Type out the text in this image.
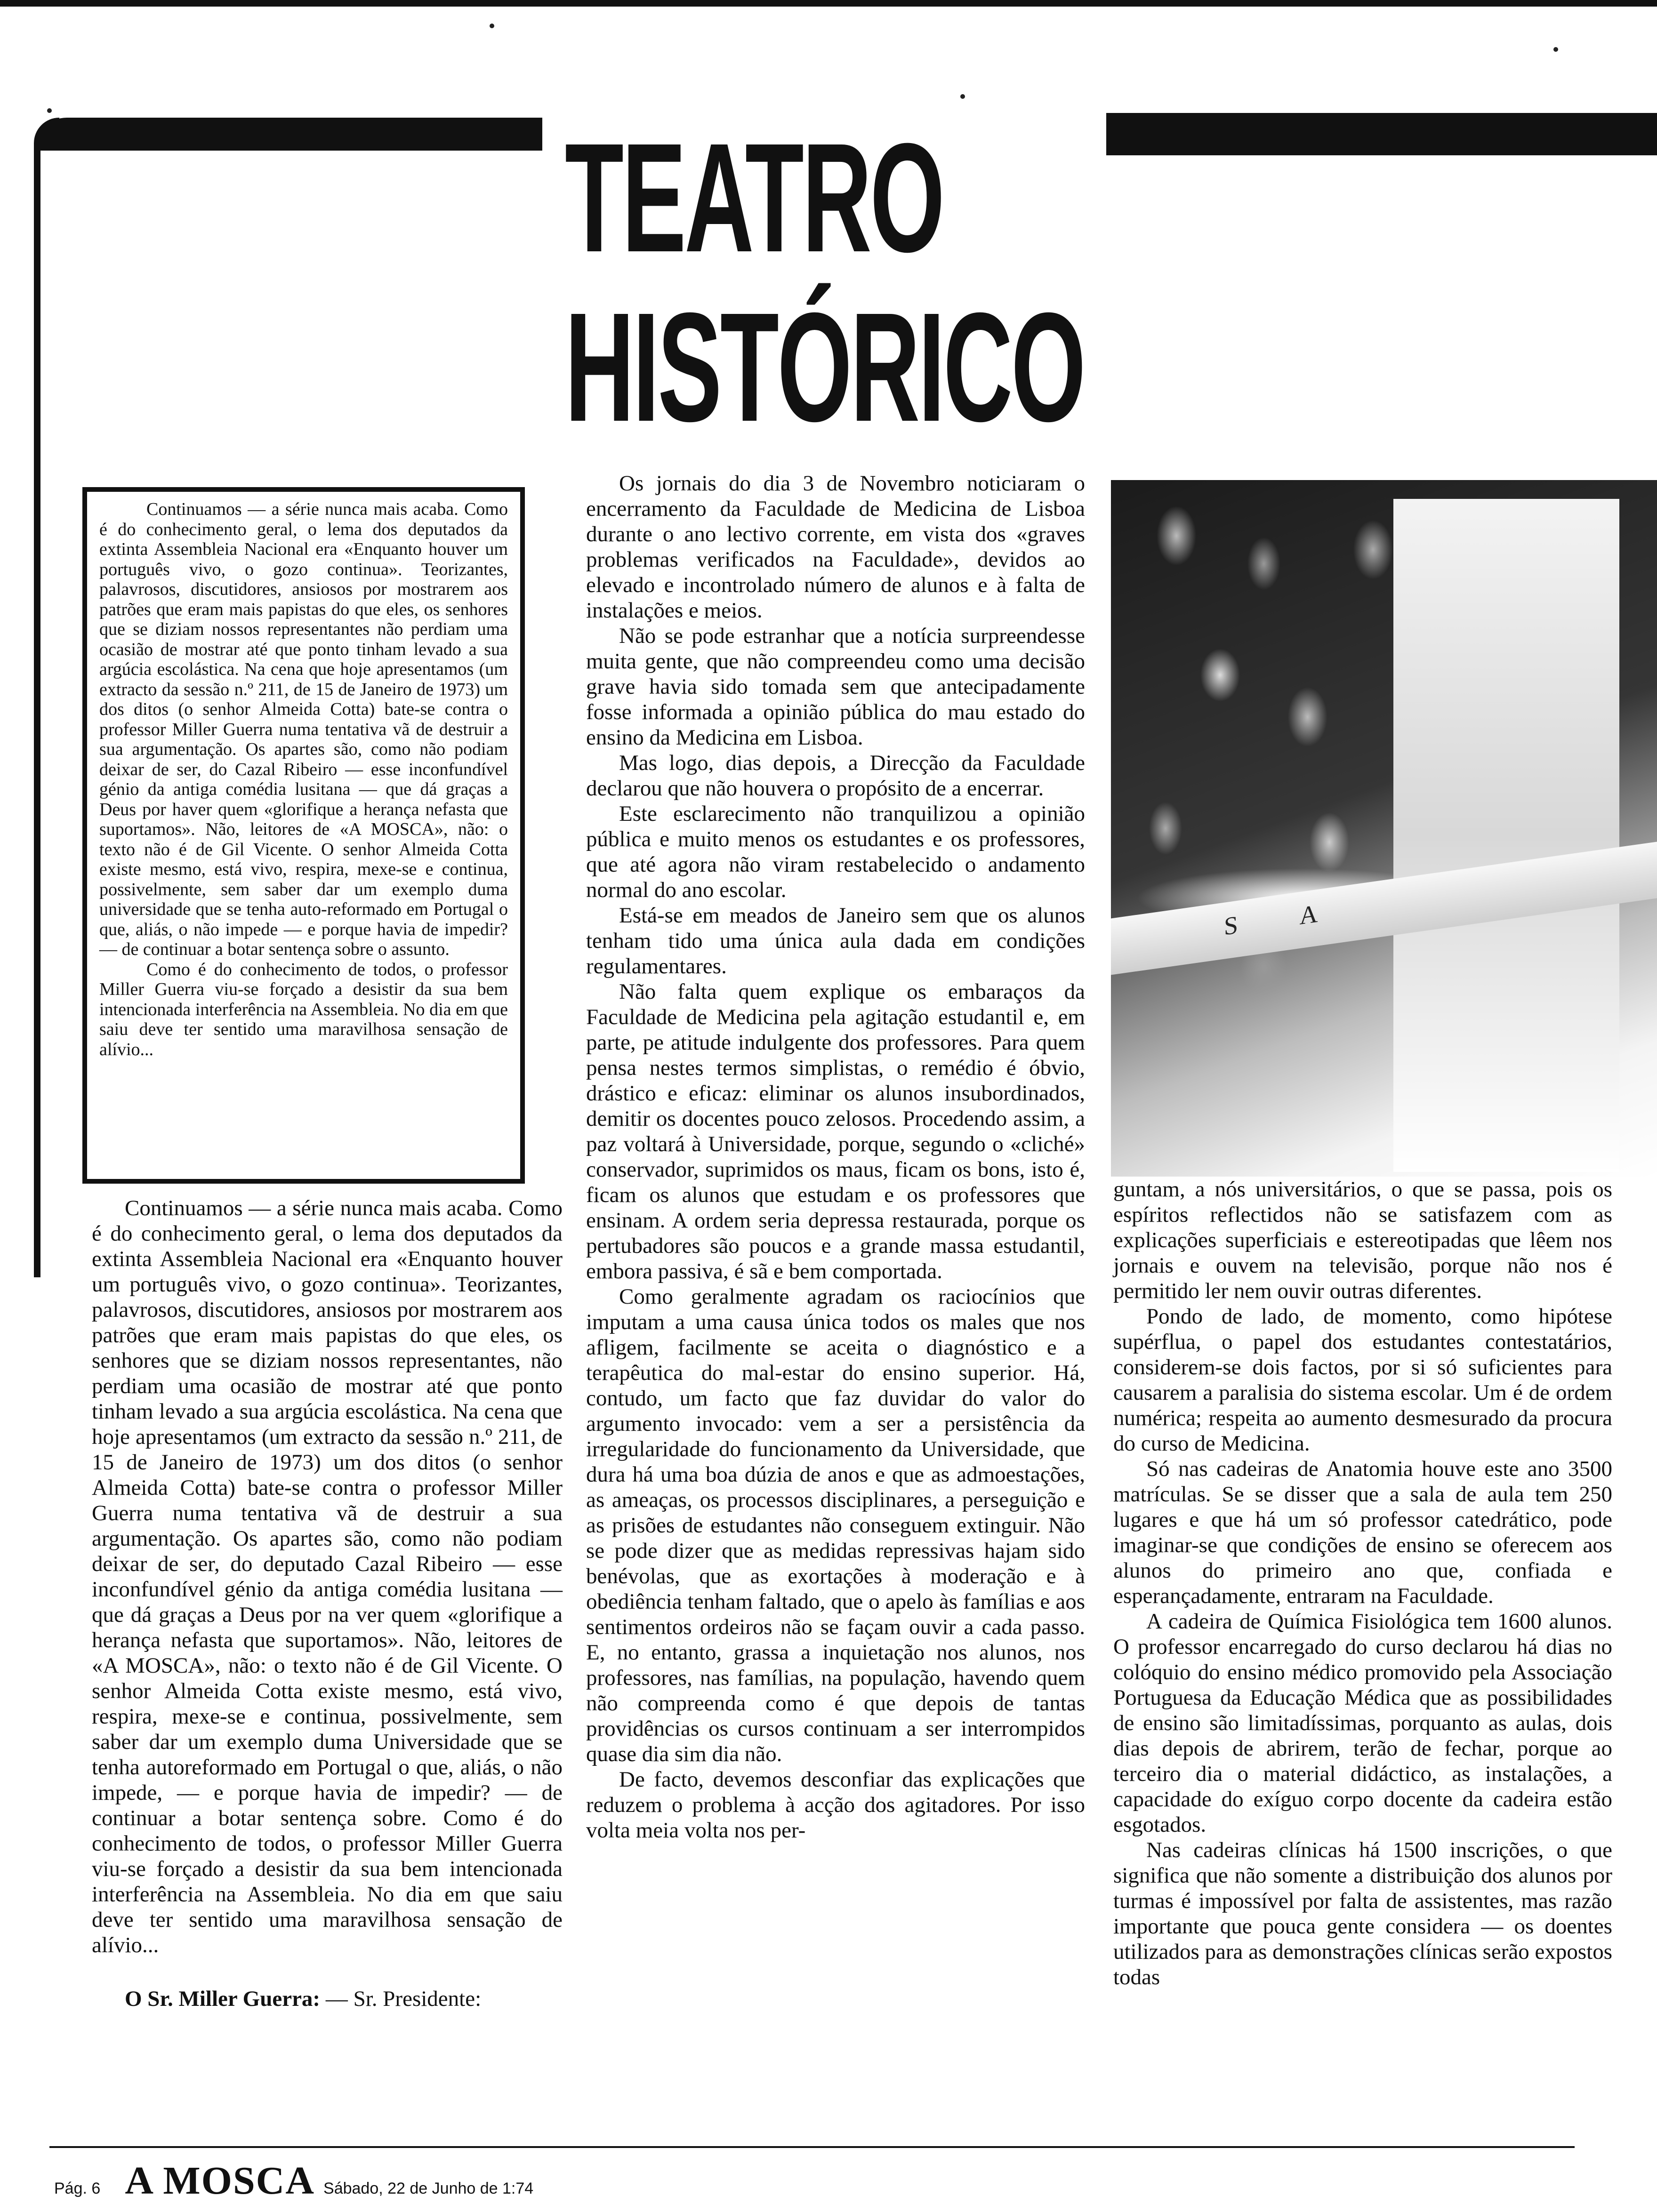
TEATRO
HISTÓRICO

Continuamos — a série nunca mais acaba. Como é do conhecimento geral, o lema dos deputados da extinta Assembleia Nacional era «Enquanto houver um português vivo, o gozo continua». Teorizantes, palavrosos, discutidores, ansiosos por mostrarem aos patrões que eram mais papistas do que eles, os senhores que se diziam nossos representantes não perdiam uma ocasião de mostrar até que ponto tinham levado a sua argúcia escolástica. Na cena que hoje apresentamos (um extracto da sessão n.º 211, de 15 de Janeiro de 1973) um dos ditos (o senhor Almeida Cotta) bate-se contra o professor Miller Guerra numa tentativa vã de destruir a sua argumentação. Os apartes são, como não podiam deixar de ser, do Cazal Ribeiro — esse inconfundível génio da antiga comédia lusitana — que dá graças a Deus por haver quem «glorifique a herança nefasta que suportamos». Não, leitores de «A MOSCA», não: o texto não é de Gil Vicente. O senhor Almeida Cotta existe mesmo, está vivo, respira, mexe-se e continua, possivelmente, sem saber dar um exemplo duma universidade que se tenha auto-reformado em Portugal o que, aliás, o não impede — e porque havia de impedir? — de continuar a botar sentença sobre o assunto.

Como é do conhecimento de todos, o professor Miller Guerra viu-se forçado a desistir da sua bem intencionada interferência na Assembleia. No dia em que saiu deve ter sentido uma maravilhosa sensação de alívio...

Continuamos — a série nunca mais acaba. Como é do conhecimento geral, o lema dos deputados da extinta Assembleia Nacional era «Enquanto houver um português vivo, o gozo continua». Teorizantes, palavrosos, discutidores, ansiosos por mostrarem aos patrões que eram mais papistas do que eles, os senhores que se diziam nossos representantes, não perdiam uma ocasião de mostrar até que ponto tinham levado a sua argúcia escolástica. Na cena que hoje apresentamos (um extracto da sessão n.º 211, de 15 de Janeiro de 1973) um dos ditos (o senhor Almeida Cotta) bate-se contra o professor Miller Guerra numa tentativa vã de destruir a sua argumentação. Os apartes são, como não podiam deixar de ser, do deputado Cazal Ribeiro — esse inconfundível génio da antiga comédia lusitana — que dá graças a Deus por na ver quem «glorifique a herança nefasta que suportamos». Não, leitores de «A MOSCA», não: o texto não é de Gil Vicente. O senhor Almeida Cotta existe mesmo, está vivo, respira, mexe-se e continua, possivelmente, sem saber dar um exemplo duma Universidade que se tenha autoreformado em Portugal o que, aliás, o não impede, — e porque havia de impedir? — de continuar a botar sentença sobre. Como é do conhecimento de todos, o professor Miller Guerra viu-se forçado a desistir da sua bem intencionada interferência na Assembleia. No dia em que saiu deve ter sentido uma maravilhosa sensação de alívio...

O Sr. Miller Guerra: — Sr. Presidente:

Os jornais do dia 3 de Novembro noticiaram o encerramento da Faculdade de Medicina de Lisboa durante o ano lectivo corrente, em vista dos «graves problemas verificados na Faculdade», devidos ao elevado e incontrolado número de alunos e à falta de instalações e meios.

Não se pode estranhar que a notícia surpreendesse muita gente, que não compreendeu como uma decisão grave havia sido tomada sem que antecipadamente fosse informada a opinião pública do mau estado do ensino da Medicina em Lisboa.

Mas logo, dias depois, a Direcção da Faculdade declarou que não houvera o propósito de a encerrar.

Este esclarecimento não tranquilizou a opinião pública e muito menos os estudantes e os professores, que até agora não viram restabelecido o andamento normal do ano escolar.

Está-se em meados de Janeiro sem que os alunos tenham tido uma única aula dada em condições regulamentares.

Não falta quem explique os embaraços da Faculdade de Medicina pela agitação estudantil e, em parte, pe atitude indulgente dos professores. Para quem pensa nestes termos simplistas, o remédio é óbvio, drástico e eficaz: eliminar os alunos insubordinados, demitir os docentes pouco zelosos. Procedendo assim, a paz voltará à Universidade, porque, segundo o «cliché» conservador, suprimidos os maus, ficam os bons, isto é, ficam os alunos que estudam e os professores que ensinam. A ordem seria depressa restaurada, porque os pertubadores são poucos e a grande massa estudantil, embora passiva, é sã e bem comportada.

Como geralmente agradam os raciocínios que imputam a uma causa única todos os males que nos afligem, facilmente se aceita o diagnóstico e a terapêutica do mal-estar do ensino superior. Há, contudo, um facto que faz duvidar do valor do argumento invocado: vem a ser a persistência da irregularidade do funcionamento da Universidade, que dura há uma boa dúzia de anos e que as admoestações, as ameaças, os processos disciplinares, a perseguição e as prisões de estudantes não conseguem extinguir. Não se pode dizer que as medidas repressivas hajam sido benévolas, que as exortações à moderação e à obediência tenham faltado, que o apelo às famílias e aos sentimentos ordeiros não se façam ouvir a cada passo. E, no entanto, grassa a inquietação nos alunos, nos professores, nas famílias, na população, havendo quem não compreenda como é que depois de tantas providências os cursos continuam a ser interrompidos quase dia sim dia não.

De facto, devemos desconfiar das explicações que reduzem o problema à acção dos agitadores. Por isso volta meia volta nos per-

S A

guntam, a nós universitários, o que se passa, pois os espíritos reflectidos não se satisfazem com as explicações superficiais e estereotipadas que lêem nos jornais e ouvem na televisão, porque não nos é permitido ler nem ouvir outras diferentes.

Pondo de lado, de momento, como hipótese supérflua, o papel dos estudantes contestatários, considerem-se dois factos, por si só suficientes para causarem a paralisia do sistema escolar. Um é de ordem numérica; respeita ao aumento desmesurado da procura do curso de Medicina.

Só nas cadeiras de Anatomia houve este ano 3500 matrículas. Se se disser que a sala de aula tem 250 lugares e que há um só professor catedrático, pode imaginar-se que condições de ensino se oferecem aos alunos do primeiro ano que, confiada e esperançadamente, entraram na Faculdade.

A cadeira de Química Fisiológica tem 1600 alunos. O professor encarregado do curso declarou há dias no colóquio do ensino médico promovido pela Associação Portuguesa da Educação Médica que as possibilidades de ensino são limitadíssimas, porquanto as aulas, dois dias depois de abrirem, terão de fechar, porque ao terceiro dia o material didáctico, as instalações, a capacidade do exíguo corpo docente da cadeira estão esgotados.

Nas cadeiras clínicas há 1500 inscrições, o que significa que não somente a distribuição dos alunos por turmas é impossível por falta de assistentes, mas razão importante que pouca gente considera — os doentes utilizados para as demonstrações clínicas serão expostos todas

Pág. 6 A MOSCA Sábado, 22 de Junho de 1:74
